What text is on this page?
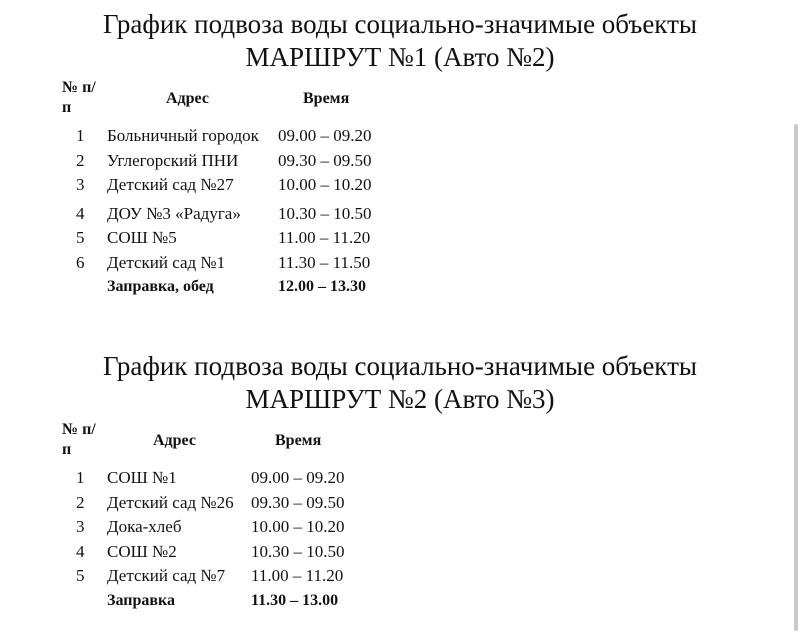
График подвоза воды социально-значимые объекты
МАРШРУТ №1 (Авто №2)
№ п/ п
Адрес	Время
1 Больничный городок 09.00 – 09.20
2 Углегорский ПНИ 09.30 – 09.50
3 Детский сад №27	10.00 – 10.20
4 ДОУ №3 «Радуга» 10.30 – 10.50
5 СОШ №5	11.00 – 11.20
6 Детский сад №1	11.30 – 11.50
Заправка, обед	12.00 – 13.30
График подвоза воды социально-значимые объекты
МАРШРУТ №2 (Авто №3)
№ п/ п
Адрес	Время
1 СОШ №1	09.00 – 09.20
2 Детский сад №26 09.30 – 09.50
3 Дока-хлеб	10.00 – 10.20
4 СОШ №2	10.30 – 10.50
5 Детский сад №7 11.00 – 11.20
Заправка	11.30 – 13.00
